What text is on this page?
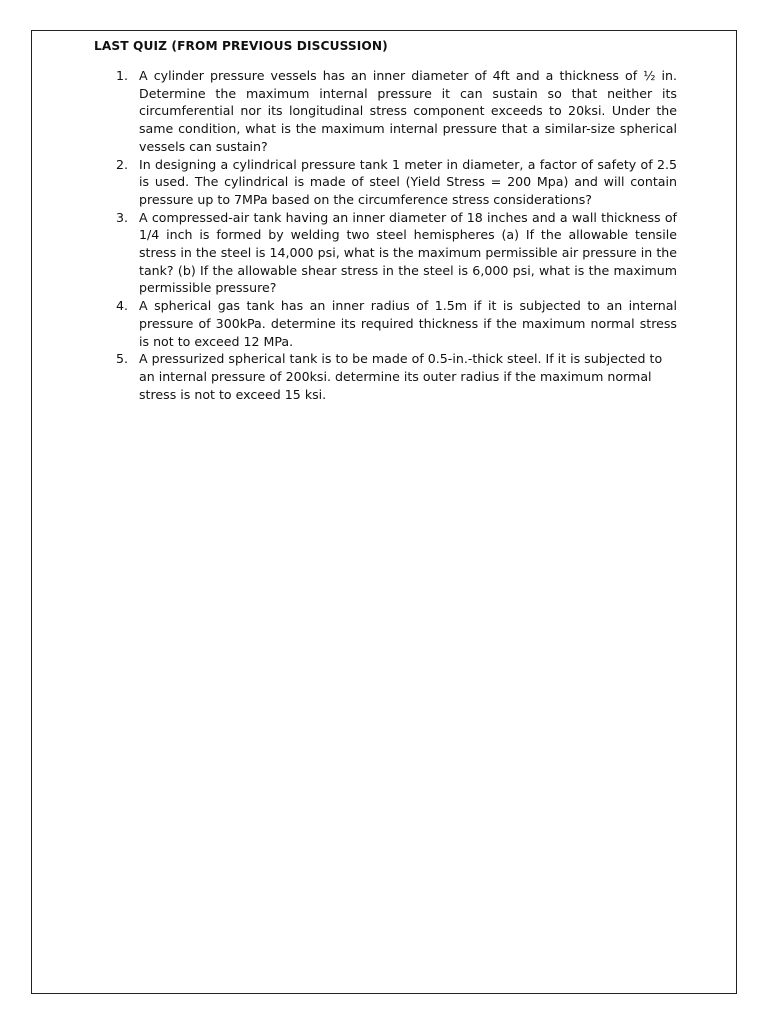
LAST QUIZ (FROM PREVIOUS DISCUSSION)
1. A cylinder pressure vessels has an inner diameter of 4ft and a thickness of ½ in. Determine the maximum internal pressure it can sustain so that neither its circumferential nor its longitudinal stress component exceeds to 20ksi. Under the same condition, what is the maximum internal pressure that a similar-size spherical vessels can sustain?
2. In designing a cylindrical pressure tank 1 meter in diameter, a factor of safety of 2.5 is used. The cylindrical is made of steel (Yield Stress = 200 Mpa) and will contain pressure up to 7MPa based on the circumference stress considerations?
3. A compressed-air tank having an inner diameter of 18 inches and a wall thickness of 1/4 inch is formed by welding two steel hemispheres (a) If the allowable tensile stress in the steel is 14,000 psi, what is the maximum permissible air pressure in the tank? (b) If the allowable shear stress in the steel is 6,000 psi, what is the maximum permissible pressure?
4. A spherical gas tank has an inner radius of 1.5m if it is subjected to an internal pressure of 300kPa. determine its required thickness if the maximum normal stress is not to exceed 12 MPa.
5. A pressurized spherical tank is to be made of 0.5-in.-thick steel. If it is subjected to an internal pressure of 200ksi. determine its outer radius if the maximum normal stress is not to exceed 15 ksi.
